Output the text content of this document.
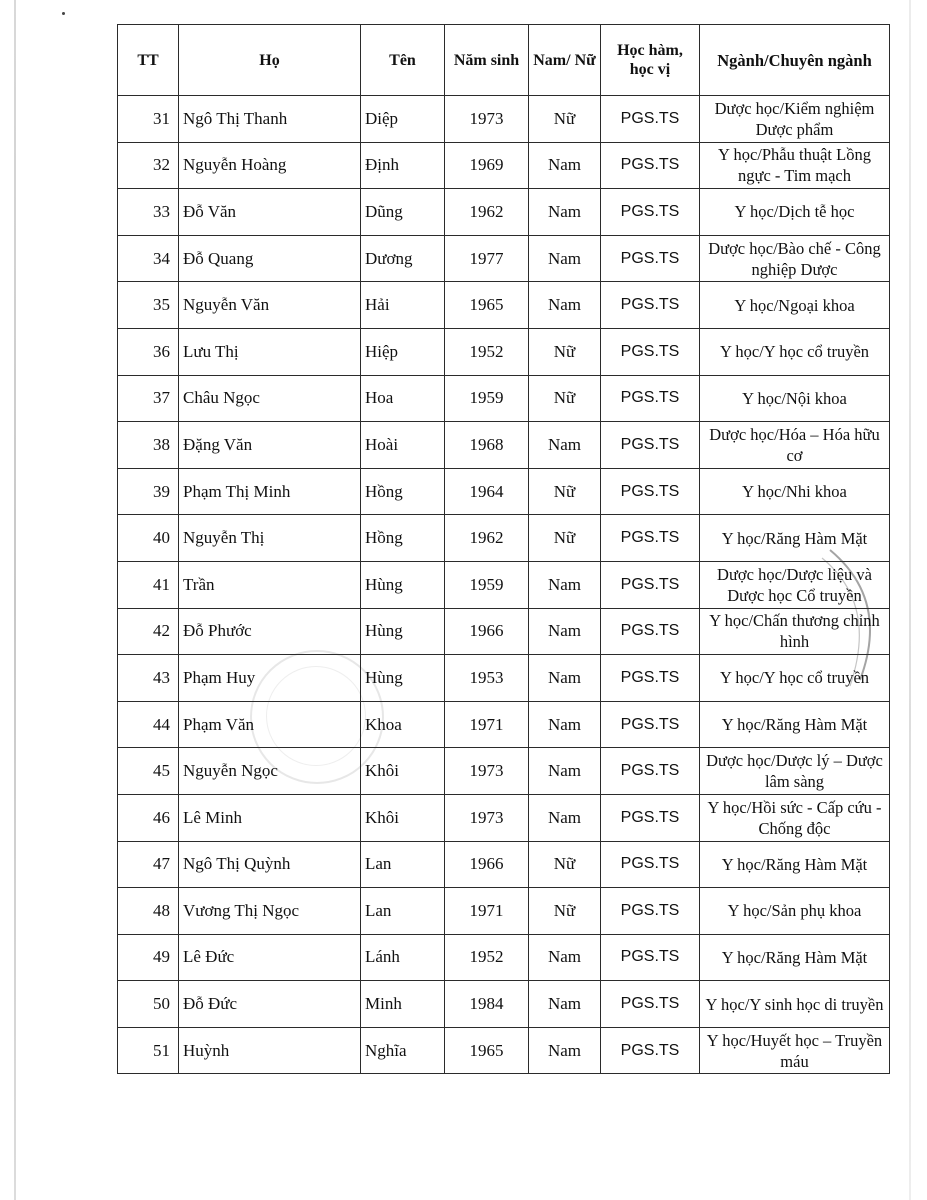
TT	Họ	Tên	Năm sinh	Nam/ Nữ	Học hàm, học vị	Ngành/Chuyên ngành
31	Ngô Thị Thanh	Diệp	1973	Nữ	PGS.TS	Dược học/Kiểm nghiệm Dược phẩm
32	Nguyễn Hoàng	Định	1969	Nam	PGS.TS	Y học/Phẫu thuật Lồng ngực - Tim mạch
33	Đỗ Văn	Dũng	1962	Nam	PGS.TS	Y học/Dịch tễ học
34	Đỗ Quang	Dương	1977	Nam	PGS.TS	Dược học/Bào chế - Công nghiệp Dược
35	Nguyễn Văn	Hải	1965	Nam	PGS.TS	Y học/Ngoại khoa
36	Lưu Thị	Hiệp	1952	Nữ	PGS.TS	Y học/Y học cổ truyền
37	Châu Ngọc	Hoa	1959	Nữ	PGS.TS	Y học/Nội khoa
38	Đặng Văn	Hoài	1968	Nam	PGS.TS	Dược học/Hóa – Hóa hữu cơ
39	Phạm Thị Minh	Hồng	1964	Nữ	PGS.TS	Y học/Nhi khoa
40	Nguyễn Thị	Hồng	1962	Nữ	PGS.TS	Y học/Răng Hàm Mặt
41	Trần	Hùng	1959	Nam	PGS.TS	Dược học/Dược liệu và Dược học Cổ truyền
42	Đỗ Phước	Hùng	1966	Nam	PGS.TS	Y học/Chấn thương chỉnh hình
43	Phạm Huy	Hùng	1953	Nam	PGS.TS	Y học/Y học cổ truyền
44	Phạm Văn	Khoa	1971	Nam	PGS.TS	Y học/Răng Hàm Mặt
45	Nguyễn Ngọc	Khôi	1973	Nam	PGS.TS	Dược học/Dược lý – Dược lâm sàng
46	Lê Minh	Khôi	1973	Nam	PGS.TS	Y học/Hồi sức - Cấp cứu - Chống độc
47	Ngô Thị Quỳnh	Lan	1966	Nữ	PGS.TS	Y học/Răng Hàm Mặt
48	Vương Thị Ngọc	Lan	1971	Nữ	PGS.TS	Y học/Sản phụ khoa
49	Lê Đức	Lánh	1952	Nam	PGS.TS	Y học/Răng Hàm Mặt
50	Đỗ Đức	Minh	1984	Nam	PGS.TS	Y học/Y sinh học di truyền
51	Huỳnh	Nghĩa	1965	Nam	PGS.TS	Y học/Huyết học – Truyền máu
